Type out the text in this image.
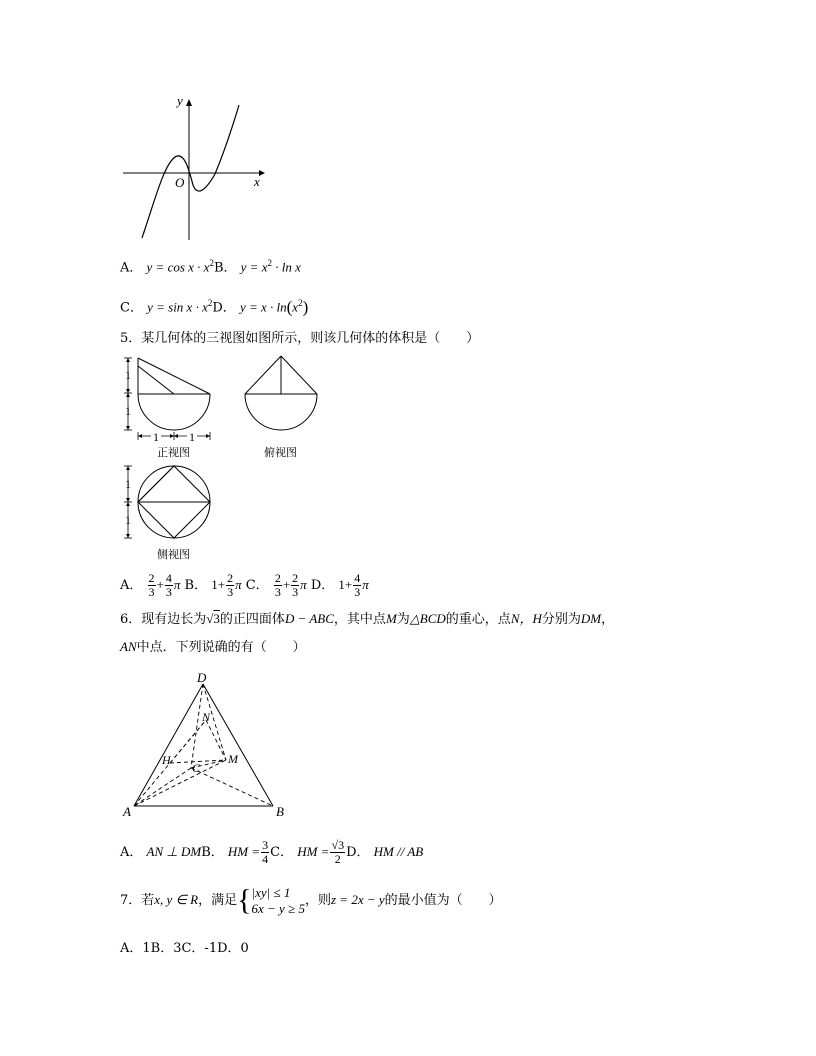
y
x
O
A． $y = \cos x \cdot x^2B$． $y = x^2 \cdot \ln x$
C． $y = \sin x \cdot x^2D$． $y = x \cdot \ln(x^2)$
5．某几何体的三视图如图所示，则该几何体的体积是（　　）
1
1
1	1
正视图	俯视图
1
1
侧视图
A． $\frac{2}{3} + \frac{4}{3}$ π B． $1+ \frac{2}{3}$ π C． $\frac{2}{3} + \frac{2}{3}$ π D． $1+ \frac{4}{3}$ π
6．现有边长为√3的正四面体D − ABC，其中点M为△BCD的重心，点N，H分别为DM，
AN中点．下列说确的有（　　）
D
N
H	M
C
A	B
A． AN ⊥ DMB． HM = $\frac{3}{4}$ C． HM = $\frac{√3}{2}$ D． HM // AB
7．若x, y ∈ R，满足{ |xy| ≤ 1
6x − y ≥ 5 ，则z = 2x − y的最小值为（　　）
A．1B．3C．-1D．0
